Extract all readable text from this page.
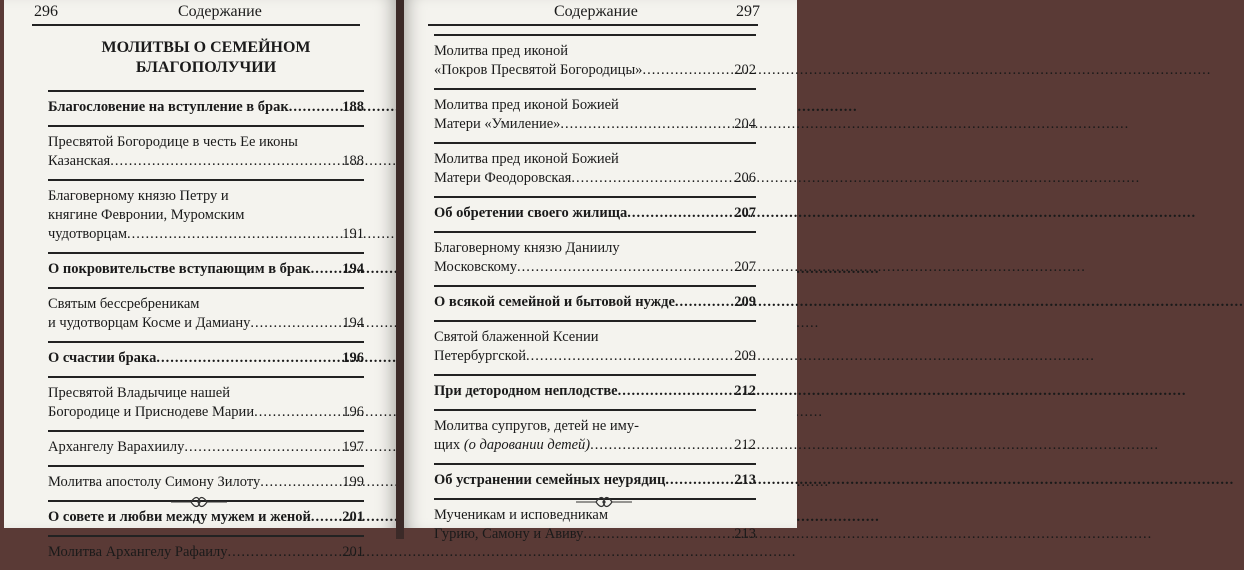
296	Содержание
МОЛИТВЫ О СЕМЕЙНОМ
БЛАГОПОЛУЧИИ
Благословение на вступление в брак .....	188
Пресвятой Богородице в честь Ее иконы
Казанская .....	188
Благоверному князю Петру и
княгине Февронии, Муромским
чудотворцам .....	191
О покровительстве вступающим в брак ..... 194
Святым бессребреникам
и чудотворцам Косме и Дамиану .....	194
О счастии брака .....	196
Пресвятой Владычице нашей
Богородице и Приснодеве Марии .....	196
Архангелу Варахиилу .....	197
Молитва апостолу Симону Зилоту .....	199
О совете и любви между мужем и женой ..... 201
Молитва Архангелу Рафаилу .....	201
Содержание	297
Молитва пред иконой
«Покров Пресвятой Богородицы» .....	202
Молитва пред иконой Божией
Матери «Умиление» .....	204
Молитва пред иконой Божией
Матери Феодоровская .....	206
Об обретении своего жилища .....	207
Благоверному князю Даниилу
Московскому .....	207
О всякой семейной и бытовой нужде .....	209
Святой блаженной Ксении
Петербургской .....	209
При детородном неплодстве .....	212
Молитва супругов, детей не иму-
щих (о даровании детей) .....	212
Об устранении семейных неурядиц .....	213
Мученикам и исповедникам
Гурию, Самону и Авиву .....	213
